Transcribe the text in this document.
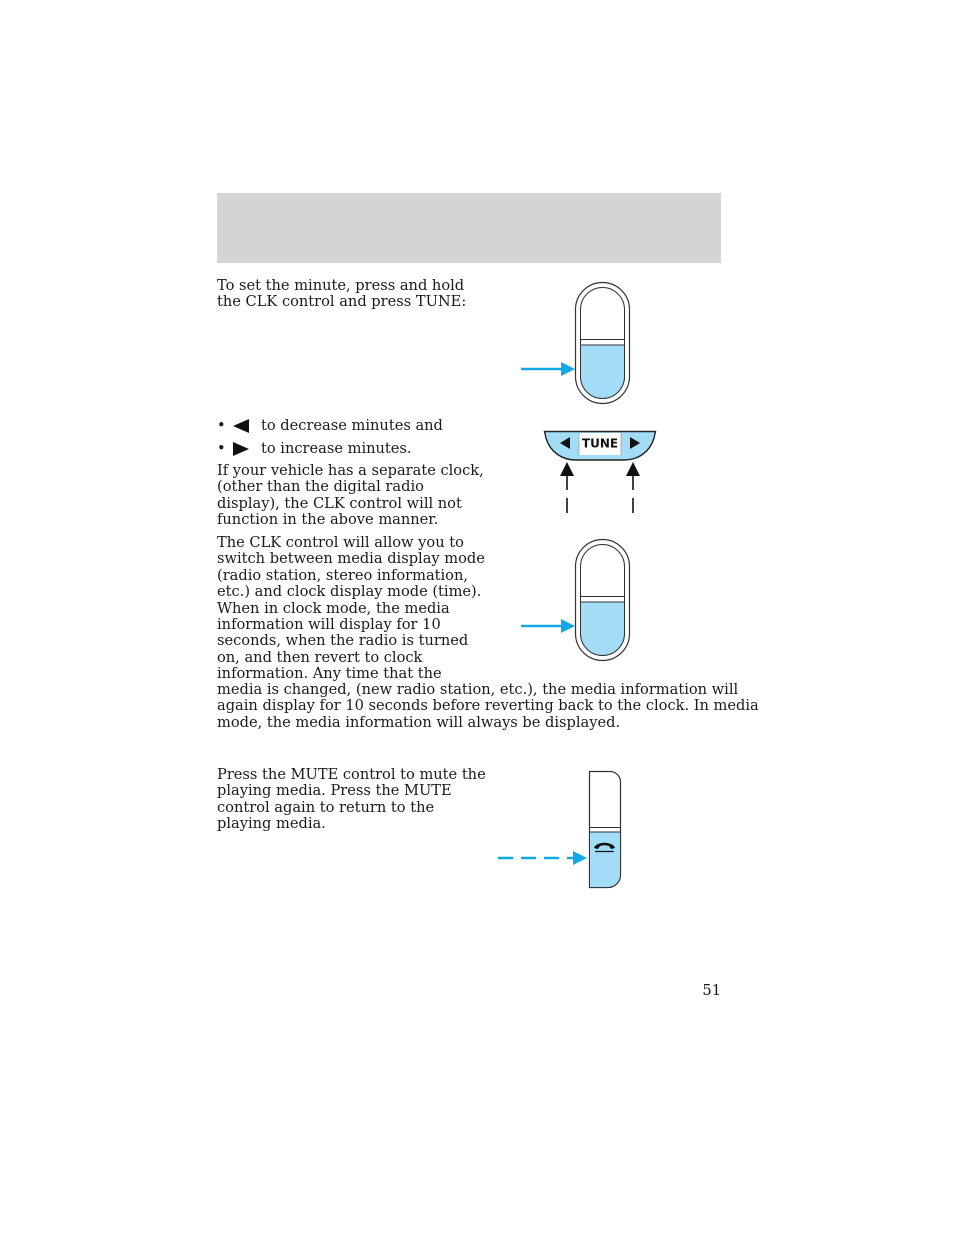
To set the minute, press and hold
the CLK control and press TUNE:
•	to decrease minutes and
•	to increase minutes.
If your vehicle has a separate clock,
(other than the digital radio
display), the CLK control will not
function in the above manner.
The CLK control will allow you to
switch between media display mode
(radio station, stereo information,
etc.) and clock display mode (time).
When in clock mode, the media
information will display for 10
seconds, when the radio is turned
on, and then revert to clock
information. Any time that the
media is changed, (new radio station, etc.), the media information will
again display for 10 seconds before reverting back to the clock. In media
mode, the media information will always be displayed.
Press the MUTE control to mute the
playing media. Press the MUTE
control again to return to the
playing media.
51
TUNE
